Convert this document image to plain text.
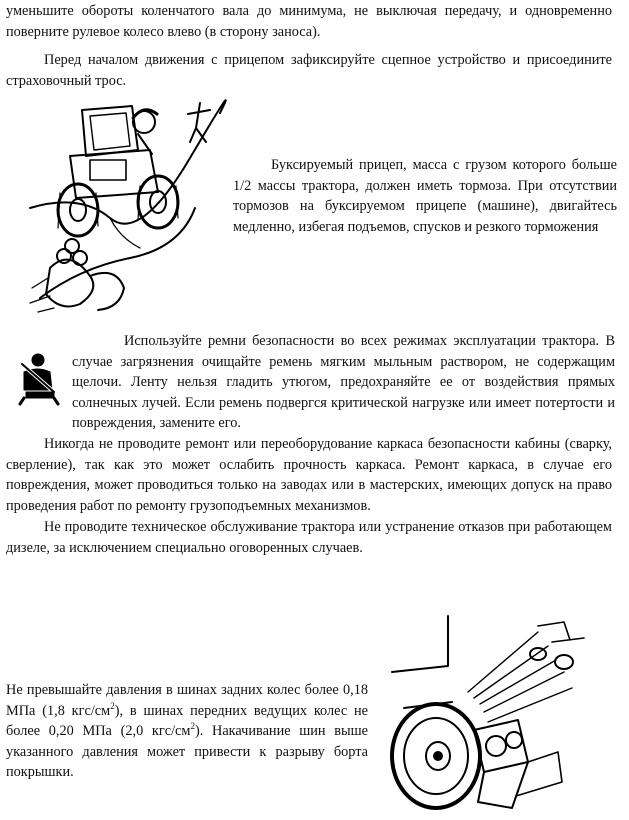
уменьшите обороты коленчатого вала до минимума, не выключая передачу, и одновременно поверните рулевое колесо влево (в сторону заноса).

Перед началом движения с прицепом зафиксируйте сцепное устройство и присоедините страховочный трос.

Буксируемый прицеп, масса с грузом которого больше 1/2 массы трактора, должен иметь тормоза. При отсутствии тормозов на буксируемом прицепе (машине), двигайтесь медленно, избегая подъемов, спусков и резкого торможения

Используйте ремни безопасности во всех режимах эксплуатации трактора. В случае загрязнения очищайте ремень мягким мыльным раствором, не содержащим щелочи. Ленту нельзя гладить утюгом, предохраняйте ее от воздействия прямых солнечных лучей. Если ремень подвергся критической нагрузке или имеет потертости и повреждения, замените его.

Никогда не проводите ремонт или переоборудование каркаса безопасности кабины (сварку, сверление), так как это может ослабить прочность каркаса. Ремонт каркаса, в случае его повреждения, может проводиться только на заводах или в мастерских, имеющих допуск на право проведения работ по ремонту грузоподъемных механизмов.

Не проводите техническое обслуживание трактора или устранение отказов при работающем дизеле, за исключением специально оговоренных случаев.

Не превышайте давления в шинах задних колес более 0,18 МПа (1,8 кгс/$см^2$), в шинах передних ведущих колес не более 0,20 МПа (2,0 кгс/$см^2$). Накачивание шин выше указанного давления может привести к разрыву борта покрышки.
